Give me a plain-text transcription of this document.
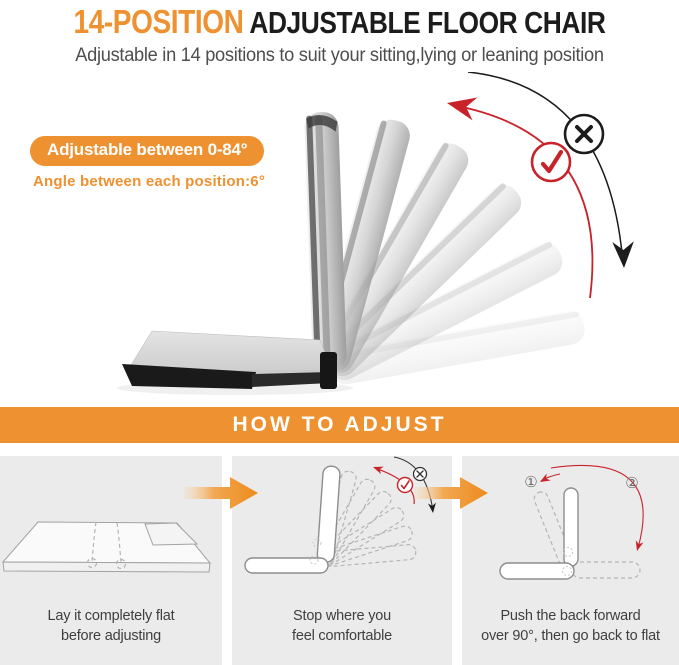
14-POSITION ADJUSTABLE FLOOR CHAIR
Adjustable in 14 positions to suit your sitting,lying or leaning position
Adjustable between 0-84°
Angle between each position:6°
HOW TO ADJUST
Lay it completely flat
before adjusting
Stop where you
feel comfortable
①	②
Push the back forward
over 90°, then go back to flat
